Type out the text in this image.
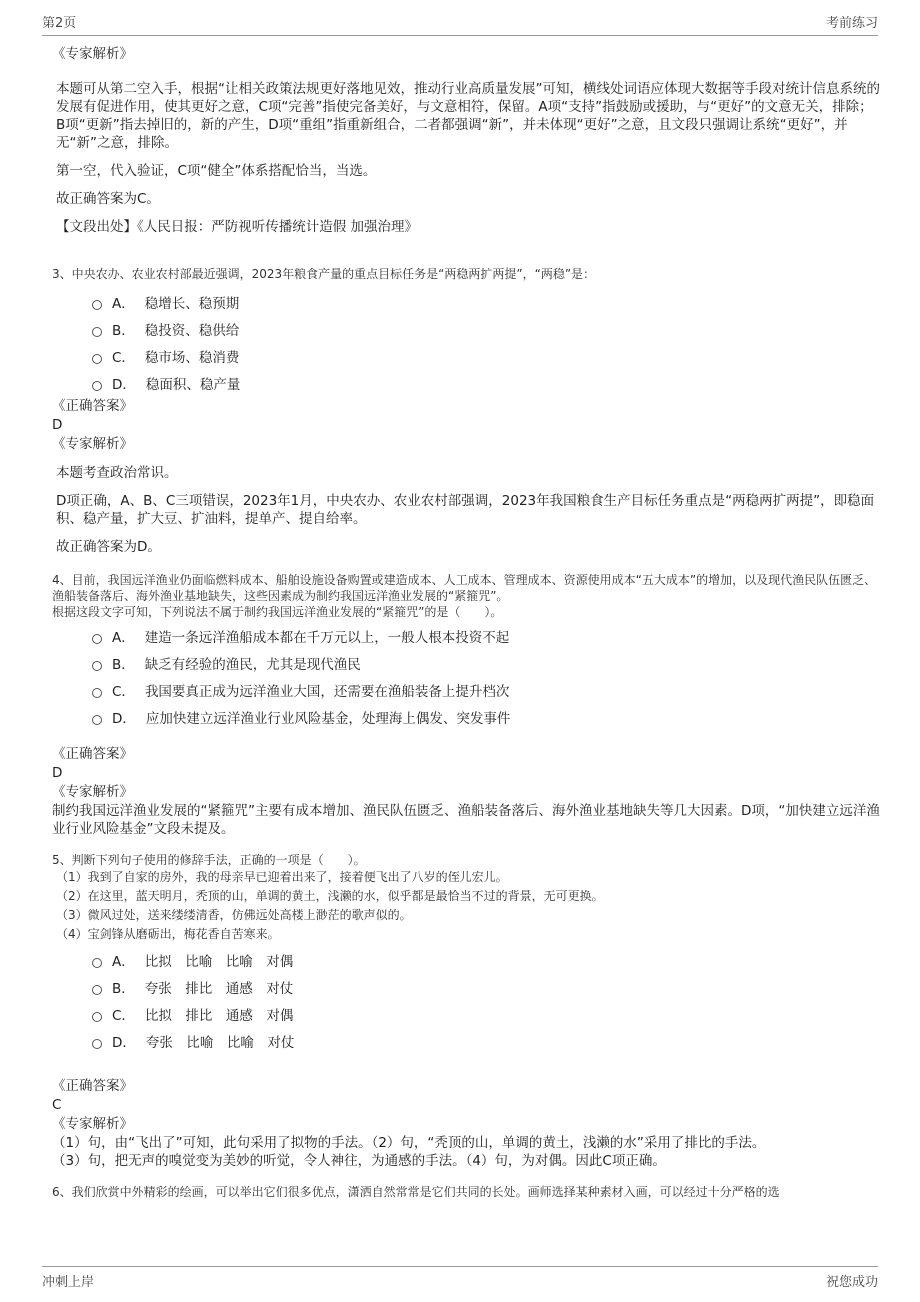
第2页	考前练习

《专家解析》

本题可从第二空入手，根据“让相关政策法规更好落地见效，推动行业高质量发展”可知，横线处词语应体现大数据等手段对统计信息系统的发展有促进作用，使其更好之意，C项“完善”指使完备美好，与文意相符，保留。A项“支持”指鼓励或援助，与“更好”的文意无关，排除；B项“更新”指去掉旧的，新的产生，D项“重组”指重新组合，二者都强调“新”，并未体现“更好”之意，且文段只强调让系统“更好”，并无“新”之意，排除。

第一空，代入验证，C项“健全”体系搭配恰当，当选。

故正确答案为C。

【文段出处】《人民日报：严防视听传播统计造假 加强治理》

3、中央农办、农业农村部最近强调，2023年粮食产量的重点目标任务是“两稳两扩两提”，“两稳”是：

A． 稳增长、稳预期
B． 稳投资、稳供给
C． 稳市场、稳消费
D． 稳面积、稳产量

《正确答案》

D

《专家解析》

本题考查政治常识。

D项正确，A、B、C三项错误，2023年1月，中央农办、农业农村部强调，2023年我国粮食生产目标任务重点是“两稳两扩两提”，即稳面积、稳产量，扩大豆、扩油料，提单产、提自给率。

故正确答案为D。

4、目前，我国远洋渔业仍面临燃料成本、船舶设施设备购置或建造成本、人工成本、管理成本、资源使用成本“五大成本”的增加，以及现代渔民队伍匮乏、渔船装备落后、海外渔业基地缺失，这些因素成为制约我国远洋渔业发展的“紧箍咒”。

根据这段文字可知，下列说法不属于制约我国远洋渔业发展的“紧箍咒”的是（　　）。

A． 建造一条远洋渔船成本都在千万元以上，一般人根本投资不起
B． 缺乏有经验的渔民，尤其是现代渔民
C． 我国要真正成为远洋渔业大国，还需要在渔船装备上提升档次
D． 应加快建立远洋渔业行业风险基金，处理海上偶发、突发事件

《正确答案》

D

《专家解析》

制约我国远洋渔业发展的“紧箍咒”主要有成本增加、渔民队伍匮乏、渔船装备落后、海外渔业基地缺失等几大因素。D项，“加快建立远洋渔业行业风险基金”文段未提及。

5、判断下列句子使用的修辞手法，正确的一项是（　　）。

（1）我到了自家的房外，我的母亲早已迎着出来了，接着便飞出了八岁的侄儿宏儿。

（2）在这里，蓝天明月，秃顶的山，单调的黄土，浅濑的水，似乎都是最恰当不过的背景，无可更换。

（3）微风过处，送来缕缕清香，仿佛远处高楼上渺茫的歌声似的。

（4）宝剑锋从磨砺出，梅花香自苦寒来。

A． 比拟　比喻　比喻　对偶
B． 夸张　排比　通感　对仗
C． 比拟　排比　通感　对偶
D． 夸张　比喻　比喻　对仗

《正确答案》

C

《专家解析》

（1）句，由“飞出了”可知，此句采用了拟物的手法。（2）句，“秃顶的山，单调的黄土，浅濑的水”采用了排比的手法。

（3）句，把无声的嗅觉变为美妙的听觉，令人神往，为通感的手法。（4）句，为对偶。因此C项正确。

6、我们欣赏中外精彩的绘画，可以举出它们很多优点，潇洒自然常常是它们共同的长处。画师选择某种素材入画，可以经过十分严格的选

冲刺上岸	祝您成功
